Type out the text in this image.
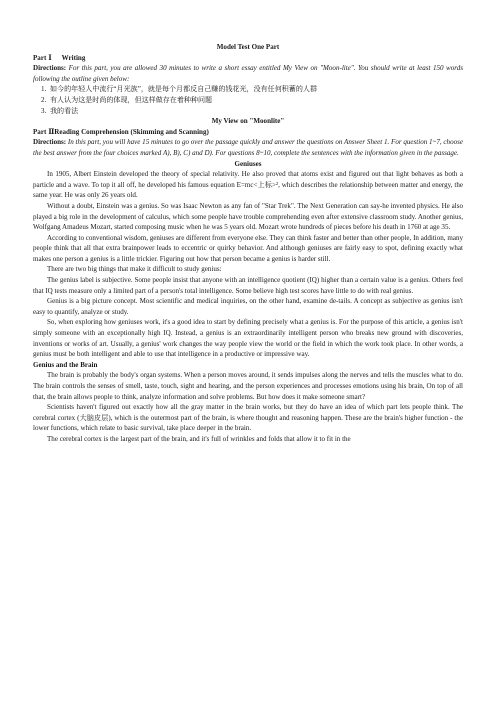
Model Test One Part

Part Ⅰ Writing

Directions: For this part, you are allowed 30 minutes to write a short essay entitled My View on "Moon-lite". You should write at least 150 words following the outline given below:

1. 如今的年轻人中流行“月光族”，就是每个月都反自己赚的钱花光，没有任何积蓄的人群

2. 有人认为这是时尚的体现，但这样做存在着种种问题

3. 我的看法

My View on "Moonlite"

Part ⅡReading Comprehension (Skimming and Scanning)

Directions: In this part, you will have 15 minutes to go over the passage quickly and answer the questions on Answer Sheet 1. For question 1~7, choose the best answer from the four choices marked A), B), C) and D). For questions 8~10, complete the sentences with the information given in the passage.

Geniuses

In 1905, Albert Einstein developed the theory of special relativity. He also proved that atoms exist and figured out that light behaves as both a particle and a wave. To top it all off, he developed his famous equation E=mc<上标>², which describes the relationship between matter and energy, the same year. He was only 26 years old.

Without a doubt, Einstein was a genius. So was Isaac Newton as any fan of "Star Trek". The Next Generation can say-he invented physics. He also played a big role in the development of calculus, which some people have trouble comprehending even after extensive classroom study. Another genius, Wolfgang Amadeus Mozart, started composing music when he was 5 years old. Mozart wrote hundreds of pieces before his death in 1760 at age 35.

According to conventional wisdom, geniuses are different from everyone else. They can think faster and better than other people, In addition, many people think that all that extra brainpower leads to eccentric or quirky behavior. And although geniuses are fairly easy to spot, defining exactly what makes one person a genius is a little trickier. Figuring out how that person became a genius is harder still.

There are two big things that make it difficult to study genius:

The genius label is subjective. Some people insist that anyone with an intelligence quotient (IQ) higher than a certain value is a genius. Others feel that IQ tests measure only a limited part of a person's total intelligence. Some believe high test scores have little to do with real genius.

Genius is a big picture concept. Most scientific and medical inquiries, on the other hand, examine de-tails. A concept as subjective as genius isn't easy to quantify, analyze or study.

So, when exploring how geniuses work, it's a good idea to start by defining precisely what a genius is. For the purpose of this article, a genius isn't simply someone with an exceptionally high IQ. Instead, a genius is an extraordinarily intelligent person who breaks new ground with discoveries, inventions or works of art. Usually, a genius' work changes the way people view the world or the field in which the work took place. In other words, a genius must be both intelligent and able to use that intelligence in a productive or impressive way.

Genius and the Brain

The brain is probably the body's organ systems. When a person moves around, it sends impulses along the nerves and tells the muscles what to do. The brain controls the senses of smell, taste, touch, sight and hearing, and the person experiences and processes emotions using his brain, On top of all that, the brain allows people to think, analyze information and solve problems. But how does it make someone smart?

Scientists haven't figured out exactly how all the gray matter in the brain works, but they do have an idea of which part lets people think. The cerebral cortex (大脑皮层), which is the outermost part of the brain, is where thought and reasoning happen. These are the brain's higher function - the lower functions, which relate to basic survival, take place deeper in the brain.

The cerebral cortex is the largest part of the brain, and it's full of wrinkles and folds that allow it to fit in the
